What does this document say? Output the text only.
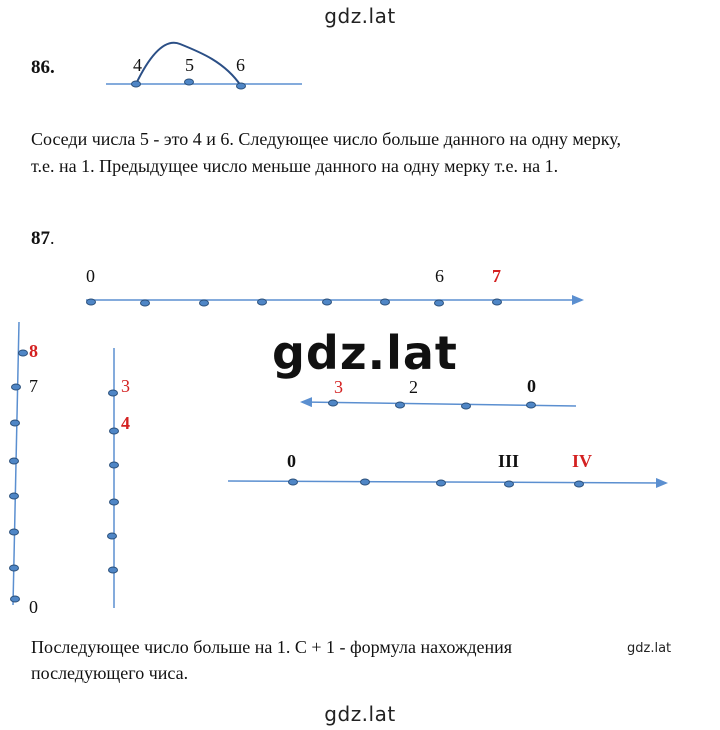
gdz.lat
gdz.lat
gdz.lat
gdz.lat
86.	4 5 6
Соседи числа 5 - это 4 и 6. Следующее число больше данного на одну мерку,
т.е. на 1. Предыдущее число меньше данного на одну мерку т.е. на 1.
87.
0	6	7
8
7
0
3
4
3	2	0
0	III	IV
Последующее число больше на 1. С + 1 - формула нахождения
последующего чиса.
